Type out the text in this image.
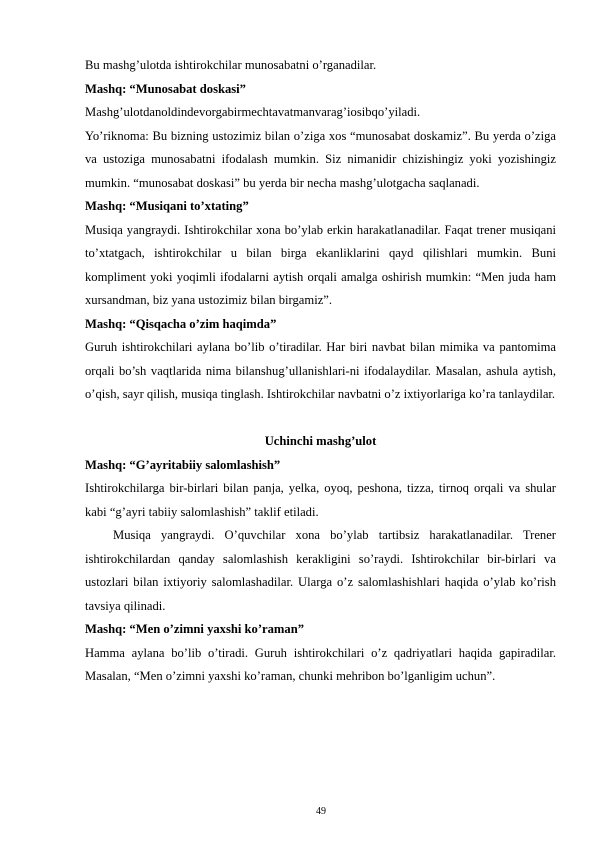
Bu mashg’ulotda ishtirokchilar munosabatni o’rganadilar.

Mashq: “Munosabat doskasi”

Mashg’ulotdanoldindevorgabirmechtavatmanvarag’iosibqo’yiladi.

Yo’riknoma: Bu bizning ustozimiz bilan o’ziga xos “munosabat doskamiz”. Bu yerda o’ziga va ustoziga munosabatni ifodalash mumkin. Siz nimanidir chizishingiz yoki yozishingiz mumkin. “munosabat doskasi” bu yerda bir necha mashg’ulotgacha saqlanadi.

Mashq: “Musiqani to’xtating”

Musiqa yangraydi. Ishtirokchilar xona bo’ylab erkin harakatlanadilar. Faqat trener musiqani to’xtatgach, ishtirokchilar u bilan birga ekanliklarini qayd qilishlari mumkin. Buni kompliment yoki yoqimli ifodalarni aytish orqali amalga oshirish mumkin: “Men juda ham xursandman, biz yana ustozimiz bilan birgamiz”.

Mashq: “Qisqacha o’zim haqimda”

Guruh ishtirokchilari aylana bo’lib o’tiradilar. Har biri navbat bilan mimika va pantomima orqali bo’sh vaqtlarida nima bilanshug’ullanishlari-ni ifodalaydilar. Masalan, ashula aytish, o’qish, sayr qilish, musiqa tinglash. Ishtirokchilar navbatni o’z ixtiyorlariga ko’ra tanlaydilar.

Uchinchi mashg’ulot

Mashq: “G’ayritabiiy salomlashish”

Ishtirokchilarga bir-birlari bilan panja, yelka, oyoq, peshona, tizza, tirnoq orqali va shular kabi “g’ayri tabiiy salomlashish” taklif etiladi.

Musiqa yangraydi. O’quvchilar xona bo’ylab tartibsiz harakatlanadilar. Trener ishtirokchilardan qanday salomlashish kerakligini so’raydi. Ishtirokchilar bir-birlari va ustozlari bilan ixtiyoriy salomlashadilar. Ularga o’z salomlashishlari haqida o’ylab ko’rish tavsiya qilinadi.

Mashq: “Men o’zimni yaxshi ko’raman”

Hamma aylana bo’lib o’tiradi. Guruh ishtirokchilari o’z qadriyatlari haqida gapiradilar. Masalan, “Men o’zimni yaxshi ko’raman, chunki mehribon bo’lganligim uchun”.

49
